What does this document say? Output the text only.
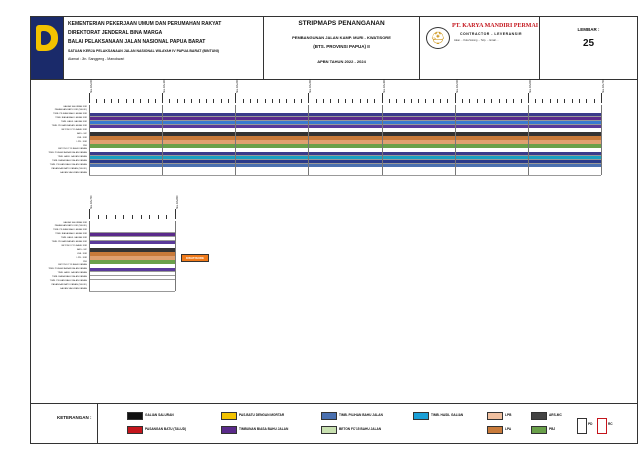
KEMENTERIAN PEKERJAAN UMUM DAN PERUMAHAN RAKYAT
DIREKTORAT JENDERAL BINA MARGA
BALAI PELAKSANAAN JALAN NASIONAL PAPUA BARAT
SATUAN KERJA PELAKSANAAN JALAN NASIONAL WILAYAH IV PAPUA BARAT (BINTUNI)
Alamat : Jln. Sanggeng - Manokwari
STRIPMAPS PENANGANAN
PEMBANGUNAN JALAN KAMP. MURI - KWATISORE
(BTS. PROVINSI PAPUA) II
APBN TAHUN 2022 - 2024
⛑
PT. KARYA MANDIRI PERMAI
CONTRACTOR - LEVERANSIR
Jalan ... Kota Sorong ... Telp. ... Email ...
LEMBAR :
25
Sta. 18+000	Sta. 18+100	Sta. 18+200	Sta. 18+300	Sta. 18+400	Sta. 18+500	Sta. 18+600	Sta. 18+700
GALIAN SALURAN KIRI
PASANGAN BATU KIRI (TALUD)
TIMB. PILIHAN BAHU JALAN KIRI
TIMB. BIASA BAHU JALAN KIRI
TIMB. HASIL GALIAN KIRI
TIMB. PILIHAN BADAN JALAN KIRI
BETON FC'15 BAHU KIRI
ARS - MC
LPA - KIRI
LPB - KIRI
PBJ
BETON FC'15 BAHU KANAN
TIMB. PILIHAN BADAN JALAN KANAN
TIMB. HASIL GALIAN KANAN
TIMB. BIASA BAHU JALAN KANAN
TIMB. PILIHAN BAHU JALAN KANAN
PASANGAN BATU KANAN (TALUD)
GALIAN SALURAN KANAN
Sta. 18+700	Sta. 18+800
GALIAN SALURAN KIRI
PASANGAN BATU KIRI (TALUD)
TIMB. PILIHAN BAHU JALAN KIRI
TIMB. BIASA BAHU JALAN KIRI
TIMB. HASIL GALIAN KIRI
TIMB. PILIHAN BADAN JALAN KIRI
BETON FC'15 BAHU KIRI
ARS - MC
LPA - KIRI
LPB - KIRI
PBJ
BETON FC'15 BAHU KANAN
TIMB. PILIHAN BADAN JALAN KANAN
TIMB. HASIL GALIAN KANAN
TIMB. BIASA BAHU JALAN KANAN
TIMB. PILIHAN BAHU JALAN KANAN
PASANGAN BATU KANAN (TALUD)
GALIAN SALURAN KANAN
KWATISORE
KETERANGAN :	GALIAN SALURAN
PASANGAN BATU (TALUD)
PAS.BATU DENGAN MORTAR
TIMBUNAN BIASA BAHU JALAN
TIMB. PILIHAN BAHU JALAN
BETON FC'15 BAHU JALAN
TIMB. HASIL GALIAN	LPB
LPA
ARS-MC
PBJ
PD	RC
